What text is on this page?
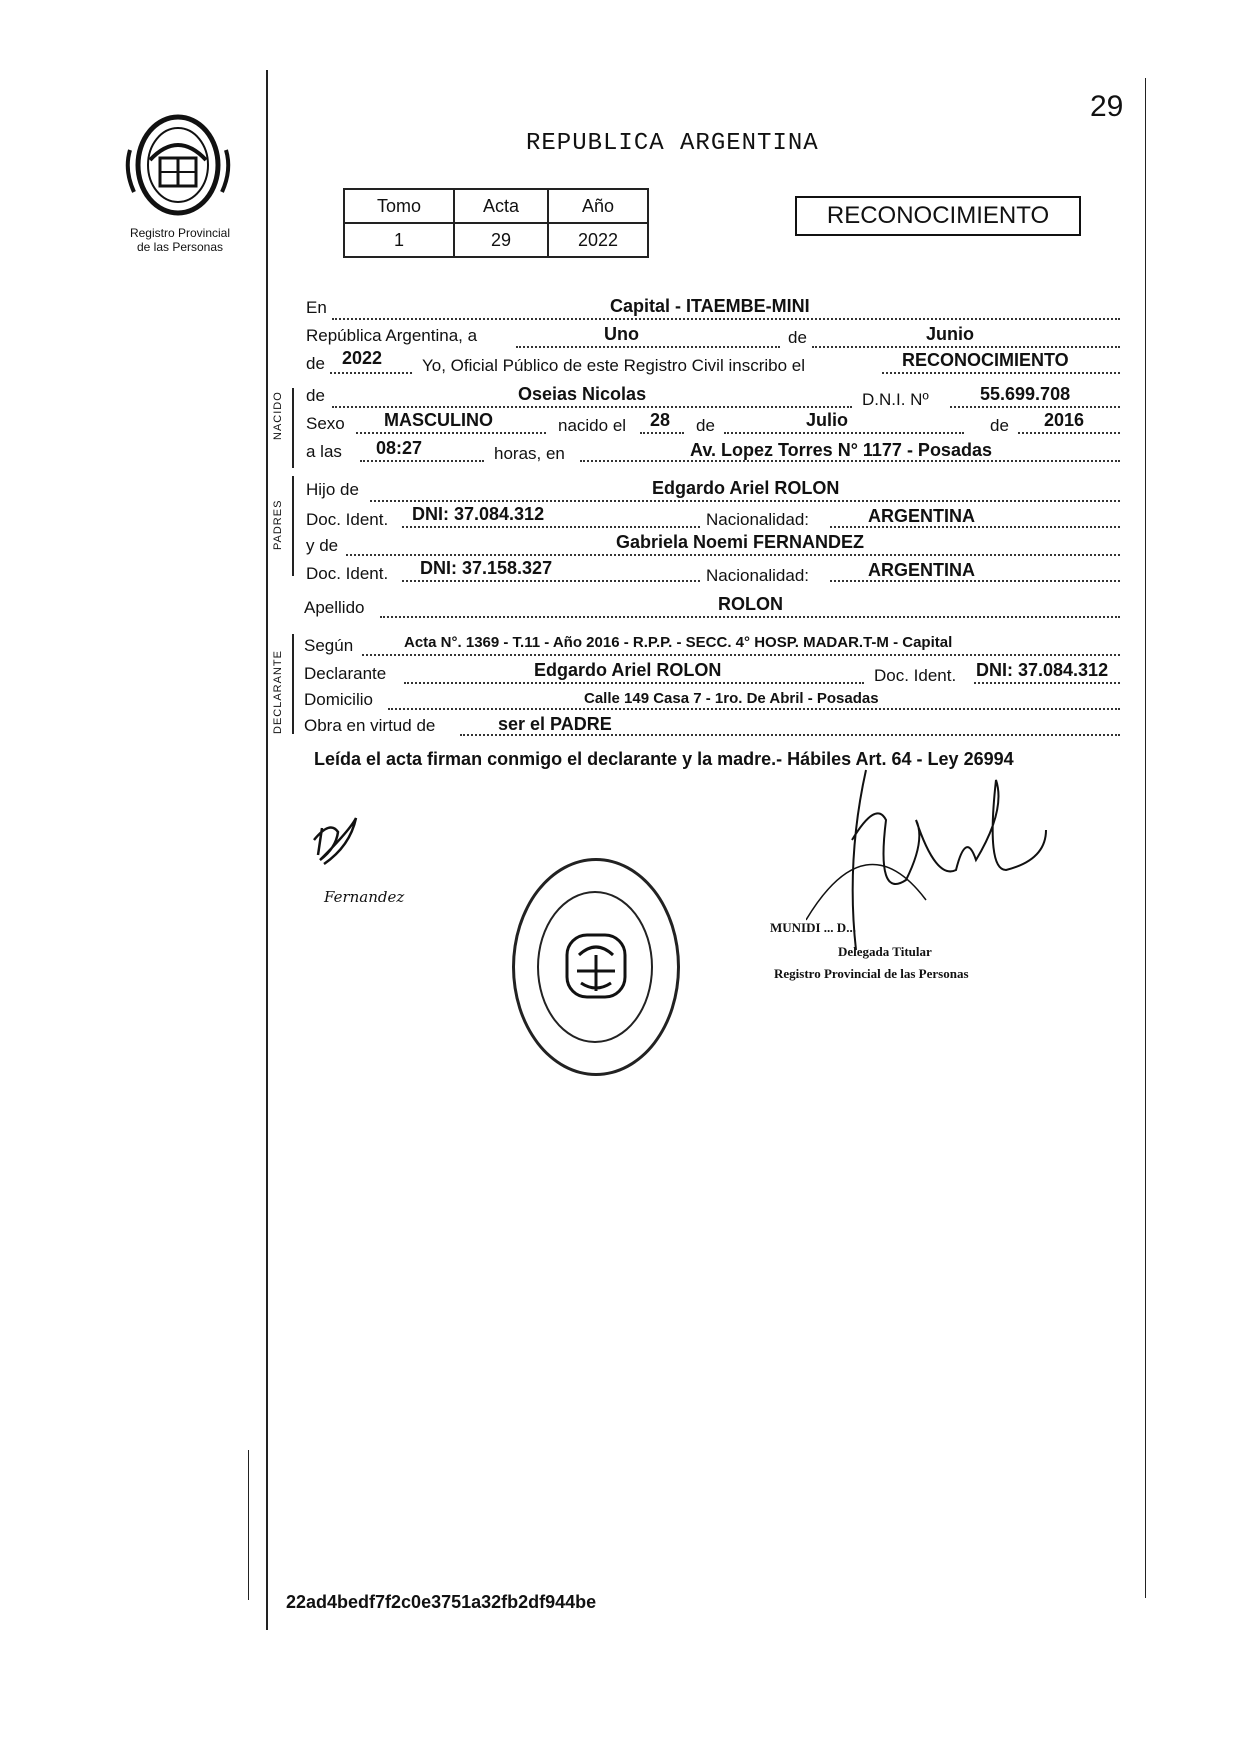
Registro Provincial
de las Personas
29
REPUBLICA ARGENTINA
Tomo	Acta	Año
1	29	2022
RECONOCIMIENTO
En	Capital - ITAEMBE-MINI
República Argentina, a	Uno	de	Junio
de 2022 Yo, Oficial Público de este Registro Civil inscribo el	RECONOCIMIENTO
NACIDO de	Oseias Nicolas	D.N.I. Nº	55.699.708
Sexo MASCULINO	nacido el 28 de	Julio	de 2016
a las 08:27	horas, en	Av. Lopez Torres N° 1177 - Posadas
PADRES
Hijo de	Edgardo Ariel ROLON
Doc. Ident. DNI: 37.084.312	Nacionalidad:	ARGENTINA
y de	Gabriela Noemi FERNANDEZ
Doc. Ident. DNI: 37.158.327	Nacionalidad:	ARGENTINA
Apellido	ROLON
DECLARANTE
Según	Acta N°. 1369 - T.11 - Año 2016 - R.P.P. - SECC. 4° HOSP. MADAR.T-M - Capital
Declarante	Edgardo Ariel ROLON	Doc. Ident. DNI: 37.084.312
Domicilio	Calle 149 Casa 7 - 1ro. De Abril - Posadas
Obra en virtud de	ser el PADRE
Leída el acta firman conmigo el declarante y la madre.- Hábiles Art. 64 - Ley 26994
Fernandez
MUNIDI ... D...
Delegada Titular
Registro Provincial de las Personas
22ad4bedf7f2c0e3751a32fb2df944be
